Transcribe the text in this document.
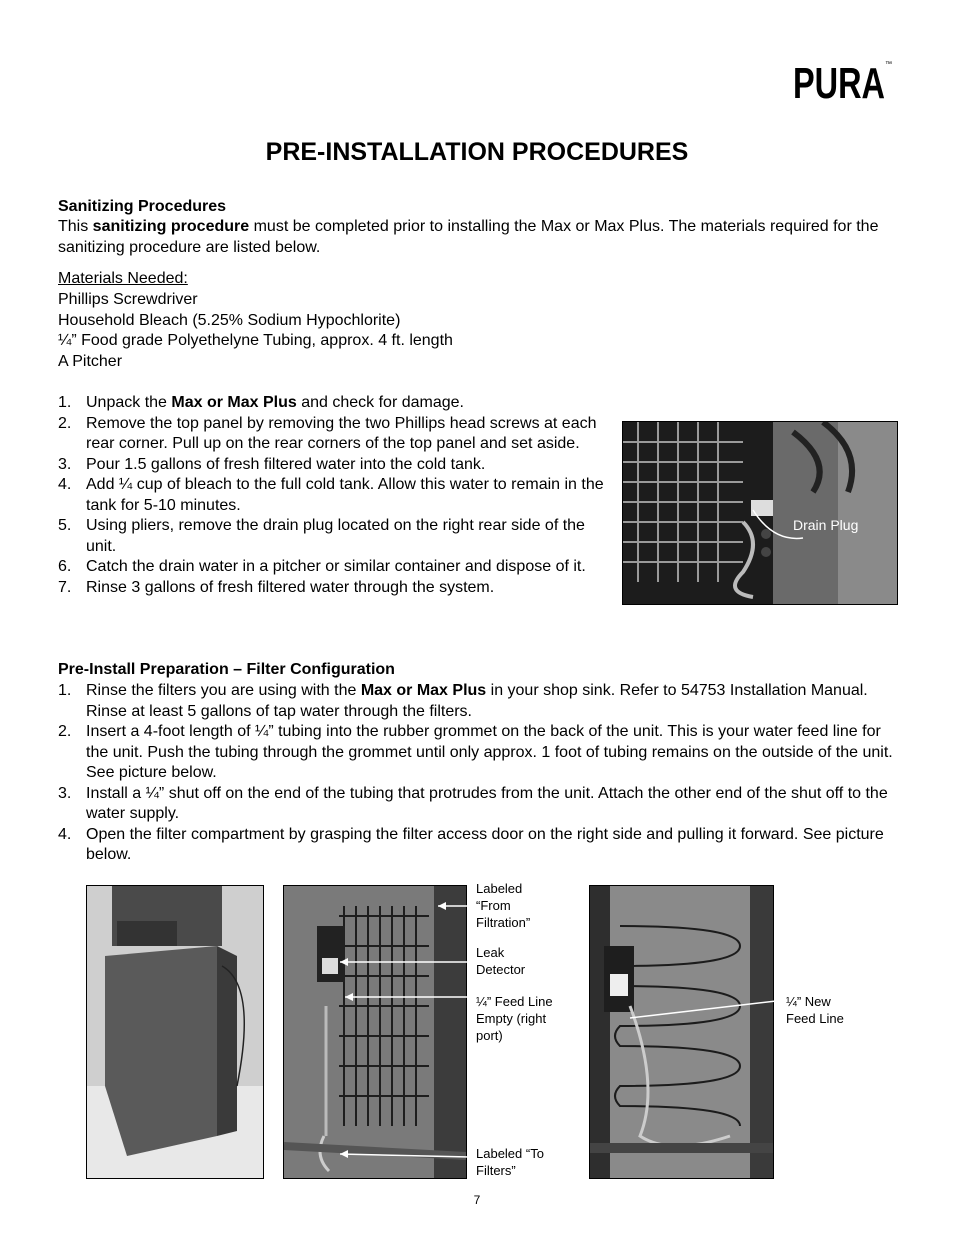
PURA ™
PRE-INSTALLATION PROCEDURES
Sanitizing Procedures
This sanitizing procedure must be completed prior to installing the Max or Max Plus. The materials required for the sanitizing procedure are listed below.
Materials Needed:
Phillips Screwdriver
Household Bleach (5.25% Sodium Hypochlorite)
¼” Food grade Polyethelyne Tubing, approx. 4 ft. length
A Pitcher
1. Unpack the Max or Max Plus and check for damage.
2. Remove the top panel by removing the two Phillips head screws at each rear corner. Pull up on the rear corners of the top panel and set aside.
3. Pour 1.5 gallons of fresh filtered water into the cold tank.
4. Add ¼ cup of bleach to the full cold tank. Allow this water to remain in the tank for 5-10 minutes.
5. Using pliers, remove the drain plug located on the right rear side of the unit.
6. Catch the drain water in a pitcher or similar container and dispose of it.
7. Rinse 3 gallons of fresh filtered water through the system.
Drain Plug
Pre-Install Preparation – Filter Configuration
1. Rinse the filters you are using with the Max or Max Plus in your shop sink. Refer to 54753 Installation Manual. Rinse at least 5 gallons of tap water through the filters.
2. Insert a 4-foot length of ¼” tubing into the rubber grommet on the back of the unit. This is your water feed line for the unit. Push the tubing through the grommet until only approx. 1 foot of tubing remains on the outside of the unit. See picture below.
3. Install a ¼” shut off on the end of the tubing that protrudes from the unit. Attach the other end of the shut off to the water supply.
4. Open the filter compartment by grasping the filter access door on the right side and pulling it forward. See picture below.
Labeled “From Filtration”
Leak Detector
¼” Feed Line Empty (right port)
Labeled “To Filters”
¼” New Feed Line
7
